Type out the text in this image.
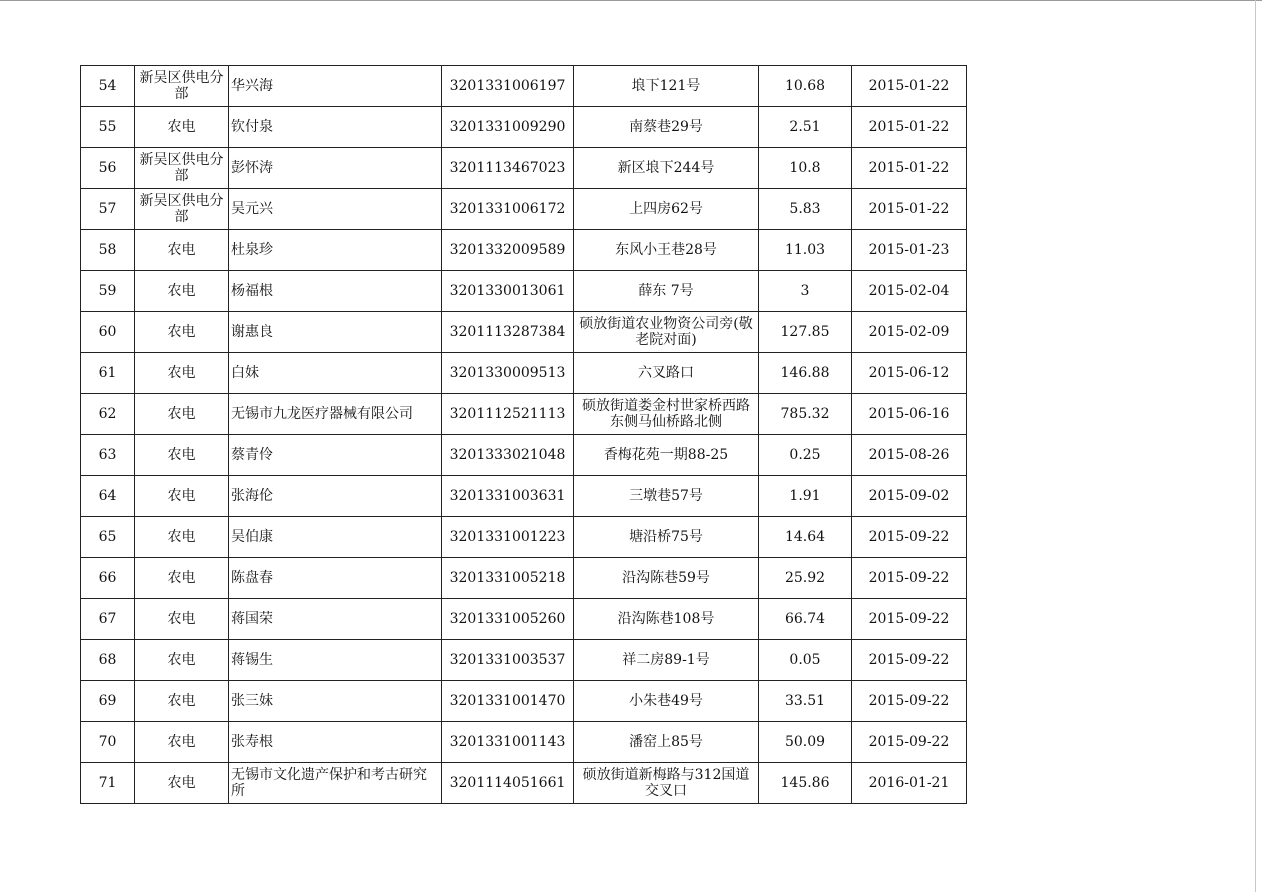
54	新吴区供电分部	华兴海	3201331006197	埌下121号	10.68	2015-01-22
55	农电	钦付泉	3201331009290	南蔡巷29号	2.51	2015-01-22
56	新吴区供电分部	彭怀涛	3201113467023	新区埌下244号	10.8	2015-01-22
57	新吴区供电分部	吴元兴	3201331006172	上四房62号	5.83	2015-01-22
58	农电	杜泉珍	3201332009589	东风小王巷28号	11.03	2015-01-23
59	农电	杨福根	3201330013061	薛东 7号	3	2015-02-04
60	农电	谢惠良	3201113287384	硕放街道农业物资公司旁(敬老院对面)	127.85	2015-02-09
61	农电	白妹	3201330009513	六叉路口	146.88	2015-06-12
62	农电	无锡市九龙医疗器械有限公司	3201112521113	硕放街道娄金村世家桥西路东侧马仙桥路北侧	785.32	2015-06-16
63	农电	蔡青伶	3201333021048	香梅花苑一期88-25	0.25	2015-08-26
64	农电	张海伦	3201331003631	三墩巷57号	1.91	2015-09-02
65	农电	吴伯康	3201331001223	塘沿桥75号	14.64	2015-09-22
66	农电	陈盘春	3201331005218	沿沟陈巷59号	25.92	2015-09-22
67	农电	蒋国荣	3201331005260	沿沟陈巷108号	66.74	2015-09-22
68	农电	蒋锡生	3201331003537	祥二房89-1号	0.05	2015-09-22
69	农电	张三妹	3201331001470	小朱巷49号	33.51	2015-09-22
70	农电	张寿根	3201331001143	潘窑上85号	50.09	2015-09-22
71	农电	无锡市文化遗产保护和考古研究所	3201114051661	硕放街道新梅路与312国道交叉口	145.86	2016-01-21
